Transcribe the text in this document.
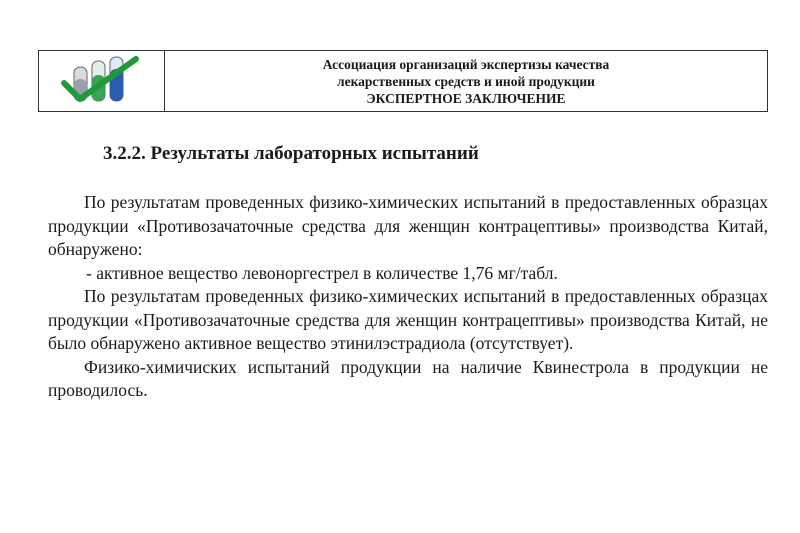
Ассоциация организаций экспертизы качества
лекарственных средств и иной продукции
ЭКСПЕРТНОЕ ЗАКЛЮЧЕНИЕ
3.2.2. Результаты лабораторных испытаний

По результатам проведенных физико-химических испытаний в предоставленных образцах продукции «Противозачаточные средства для женщин контрацептивы» производства Китай, обнаружено:

- активное вещество левоноргестрел в количестве 1,76 мг/табл.

По результатам проведенных физико-химических испытаний в предоставленных образцах продукции «Противозачаточные средства для женщин контрацептивы» производства Китай, не было обнаружено активное вещество этинилэстрадиола (отсутствует).

Физико-химичиских испытаний продукции на наличие Квинестрола в продукции не проводилось.
